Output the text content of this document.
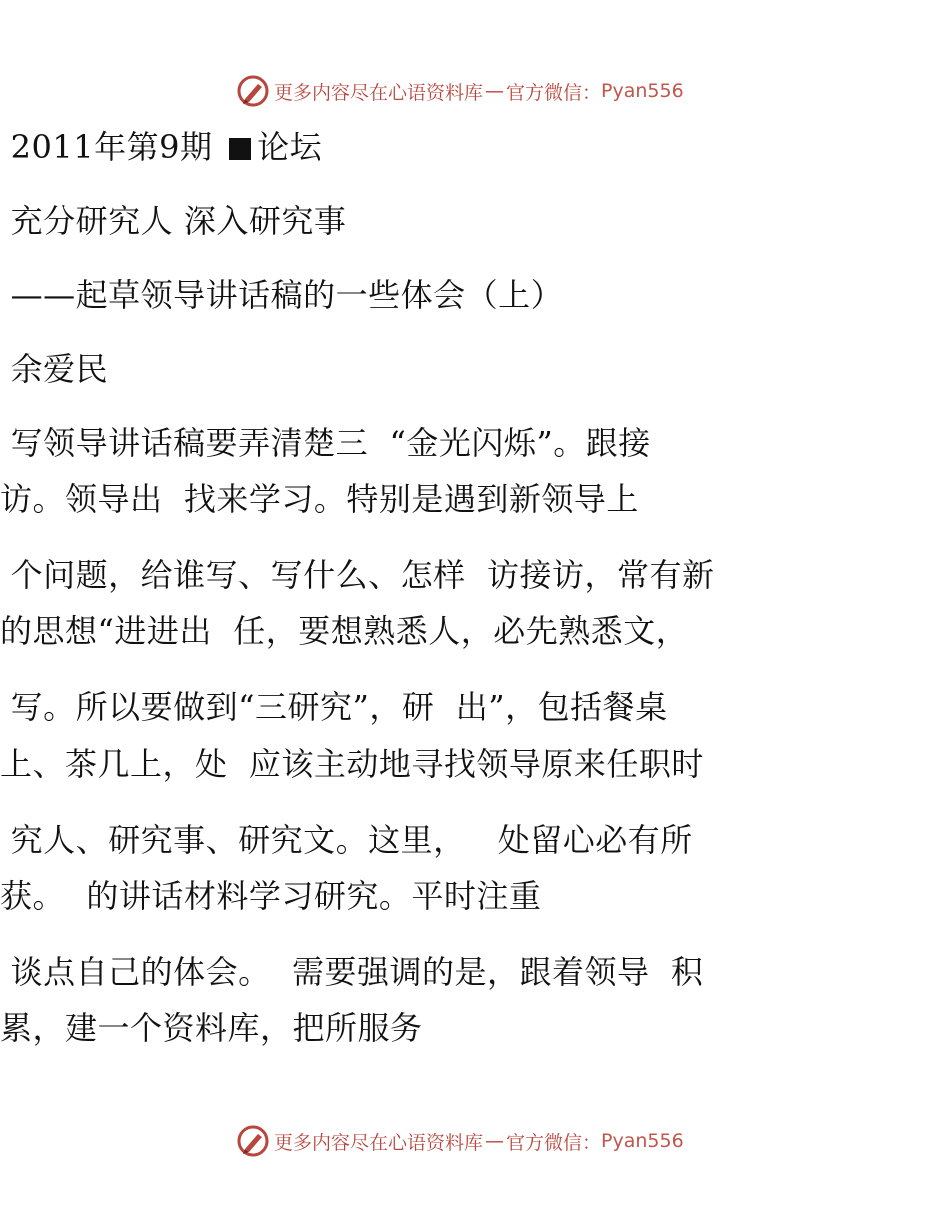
更多内容尽在心语资料库 — 官方微信： Pyan556
2011年第9期 论坛
充分研究人 深入研究事
——起草领导讲话稿的一些体会（上）
余爱民
写领导讲话稿要弄清楚三  “金光闪烁”。跟接
访。领导出  找来学习。特别是遇到新领导上
个问题，给谁写、写什么、怎样  访接访，常有新
的思想“进进出  任，要想熟悉人，必先熟悉文，
写。所以要做到“三研究”，研  出”，包括餐桌
上、茶几上，处  应该主动地寻找领导原来任职时
究人、研究事、研究文。这里，   处留心必有所
获。  的讲话材料学习研究。平时注重
谈点自己的体会。  需要强调的是，跟着领导  积
累，建一个资料库，把所服务
更多内容尽在心语资料库 — 官方微信： Pyan556
